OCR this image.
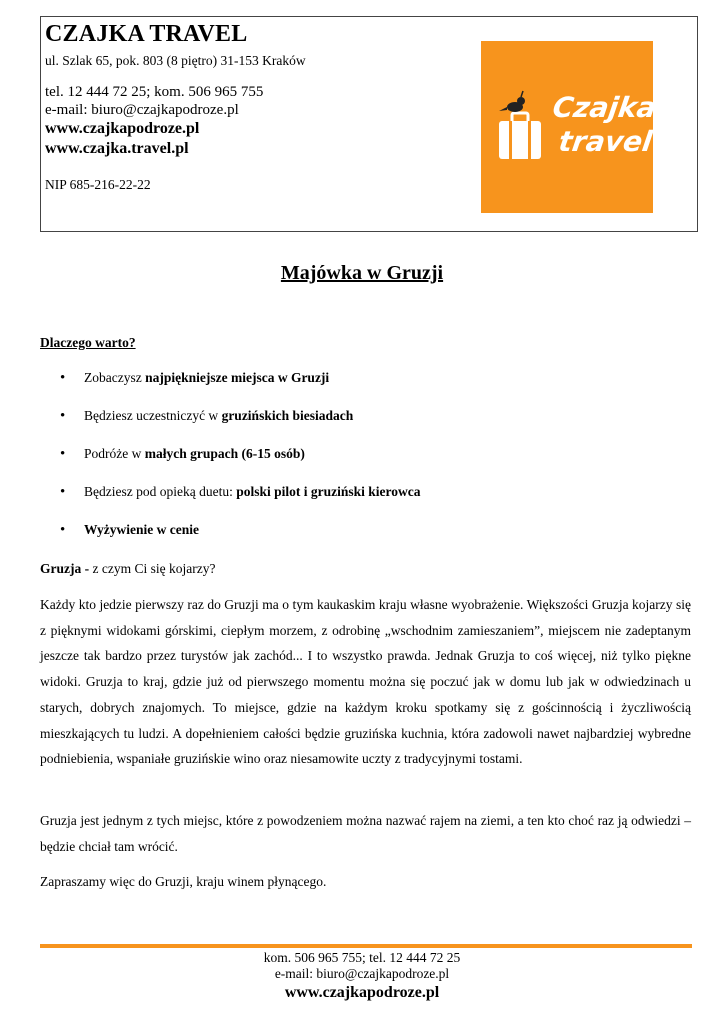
CZAJKA TRAVEL
ul. Szlak 65, pok. 803 (8 piętro) 31-153 Kraków
tel. 12 444 72 25; kom. 506 965 755
e-mail: biuro@czajkapodroze.pl
www.czajkapodroze.pl
www.czajka.travel.pl
NIP 685-216-22-22
Czajka
travel
Majówka w Gruzji
Dlaczego warto?
• Zobaczysz najpiękniejsze miejsca w Gruzji
• Będziesz uczestniczyć w gruzińskich biesiadach
• Podróże w małych grupach (6-15 osób)
• Będziesz pod opieką duetu: polski pilot i gruziński kierowca
• Wyżywienie w cenie
Gruzja - z czym Ci się kojarzy?
Każdy kto jedzie pierwszy raz do Gruzji ma o tym kaukaskim kraju własne wyobrażenie. Większości Gruzja kojarzy się z pięknymi widokami górskimi, ciepłym morzem, z odrobinę „wschodnim zamieszaniem”, miejscem nie zadeptanym jeszcze tak bardzo przez turystów jak zachód... I to wszystko prawda. Jednak Gruzja to coś więcej, niż tylko piękne widoki. Gruzja to kraj, gdzie już od pierwszego momentu można się poczuć jak w domu lub jak w odwiedzinach u starych, dobrych znajomych. To miejsce, gdzie na każdym kroku spotkamy się z gościnnością i życzliwością mieszkających tu ludzi. A dopełnieniem całości będzie gruzińska kuchnia, która zadowoli nawet najbardziej wybredne podniebienia, wspaniałe gruzińskie wino oraz niesamowite uczty z tradycyjnymi tostami.
Gruzja jest jednym z tych miejsc, które z powodzeniem można nazwać rajem na ziemi, a ten kto choć raz ją odwiedzi – będzie chciał tam wrócić.
Zapraszamy więc do Gruzji, kraju winem płynącego.
kom. 506 965 755; tel. 12 444 72 25
e-mail: biuro@czajkapodroze.pl
www.czajkapodroze.pl
